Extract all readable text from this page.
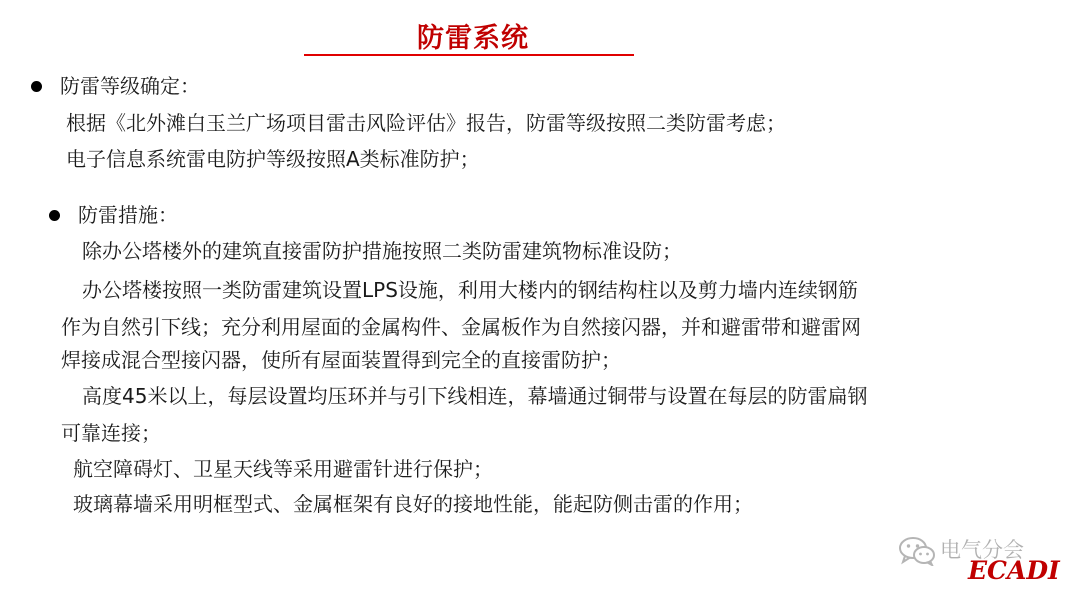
防雷系统
防雷等级确定：
根据《北外滩白玉兰广场项目雷击风险评估》报告，防雷等级按照二类防雷考虑；
电子信息系统雷电防护等级按照A类标准防护；
防雷措施：
除办公塔楼外的建筑直接雷防护措施按照二类防雷建筑物标准设防；
办公塔楼按照一类防雷建筑设置LPS设施，利用大楼内的钢结构柱以及剪力墙内连续钢筋
作为自然引下线；充分利用屋面的金属构件、金属板作为自然接闪器，并和避雷带和避雷网
焊接成混合型接闪器，使所有屋面装置得到完全的直接雷防护；
高度45米以上，每层设置均压环并与引下线相连，幕墙通过铜带与设置在每层的防雷扁钢
可靠连接；
航空障碍灯、卫星天线等采用避雷针进行保护；
玻璃幕墙采用明框型式、金属框架有良好的接地性能，能起防侧击雷的作用；
电气分会
ECADI
